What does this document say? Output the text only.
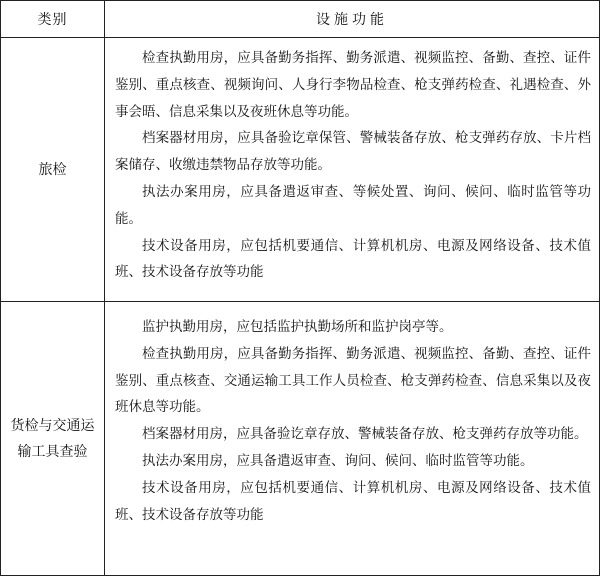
类别	设施功能
旅检

检查执勤用房，应具备勤务指挥、勤务派遣、视频监控、备勤、查控、证件鉴别、重点核查、视频询问、人身行李物品检查、枪支弹药检查、礼遇检查、外事会晤、信息采集以及夜班休息等功能。

档案器材用房，应具备验讫章保管、警械装备存放、枪支弹药存放、卡片档案储存、收缴违禁物品存放等功能。

执法办案用房，应具备遣返审查、等候处置、询问、候问、临时监管等功能。

技术设备用房，应包括机要通信、计算机机房、电源及网络设备、技术值班、技术设备存放等功能

货检与交通运输工具查验

监护执勤用房，应包括监护执勤场所和监护岗亭等。

检查执勤用房，应具备勤务指挥、勤务派遣、视频监控、备勤、查控、证件鉴别、重点核查、交通运输工具工作人员检查、枪支弹药检查、信息采集以及夜班休息等功能。

档案器材用房，应具备验讫章存放、警械装备存放、枪支弹药存放等功能。

执法办案用房，应具备遣返审查、询问、候问、临时监管等功能。

技术设备用房，应包括机要通信、计算机机房、电源及网络设备、技术值班、技术设备存放等功能
